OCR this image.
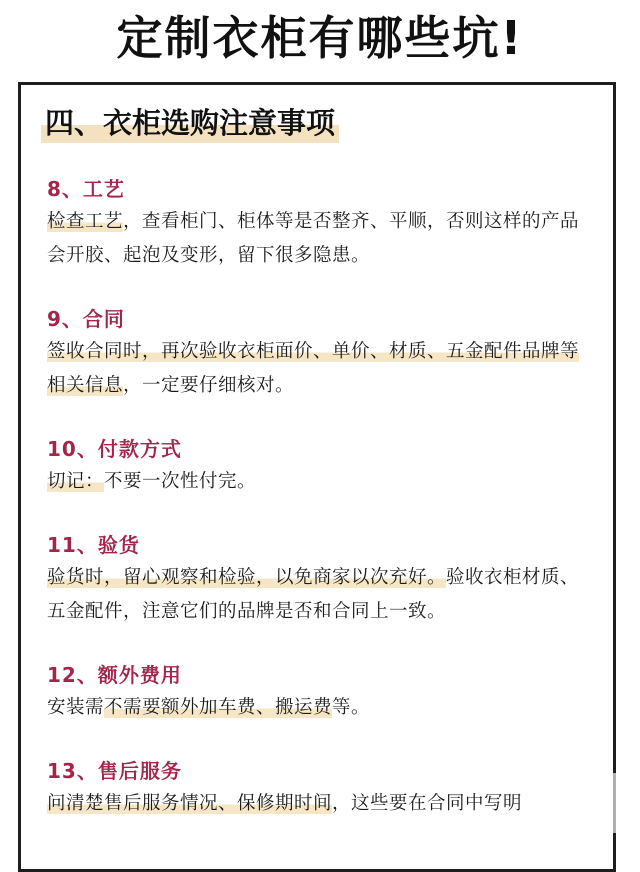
定制衣柜有哪些坑!
四、衣柜选购注意事项
8、工艺
检查工艺，查看柜门、柜体等是否整齐、平顺，否则这样的产品会开胶、起泡及变形，留下很多隐患。
9、合同
签收合同时，再次验收衣柜面价、单价、材质、五金配件品牌等相关信息，一定要仔细核对。
10、付款方式
切记：不要一次性付完。
11、验货
验货时，留心观察和检验，以免商家以次充好。验收衣柜材质、五金配件，注意它们的品牌是否和合同上一致。
12、额外费用
安装需不需要额外加车费、搬运费等。
13、售后服务
问清楚售后服务情况、保修期时间，这些要在合同中写明
